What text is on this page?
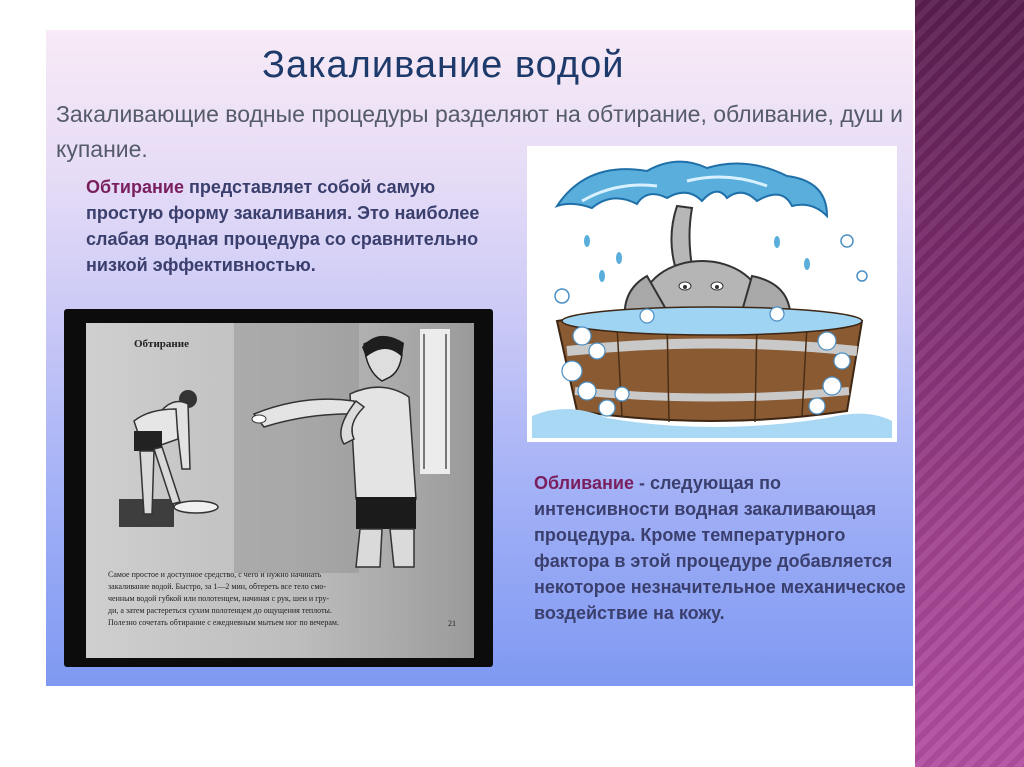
Закаливание водой

Закаливающие водные процедуры разделяют на обтирание, обливание, душ и купание.

Обтирание представляет собой самую простую форму закаливания. Это наиболее слабая водная процедура со сравнительно низкой эффективностью.

Обтирание
Самое простое и доступное средство, с чего и нужно начинать закаливание водой. Быстро, за 1—2 мин, обтереть все тело смо- ченным водой губкой или полотенцем, начиная с рук, шеи и гру- ди, а затем растереться сухим полотенцем до ощущения теплоты. Полезно сочетать обтирание с ежедневным мытьем ног по вечерам.	21

Обливание - следующая по интенсивности водная закаливающая процедура. Кроме температурного фактора в этой процедуре добавляется некоторое незначительное механическое воздействие на кожу.
